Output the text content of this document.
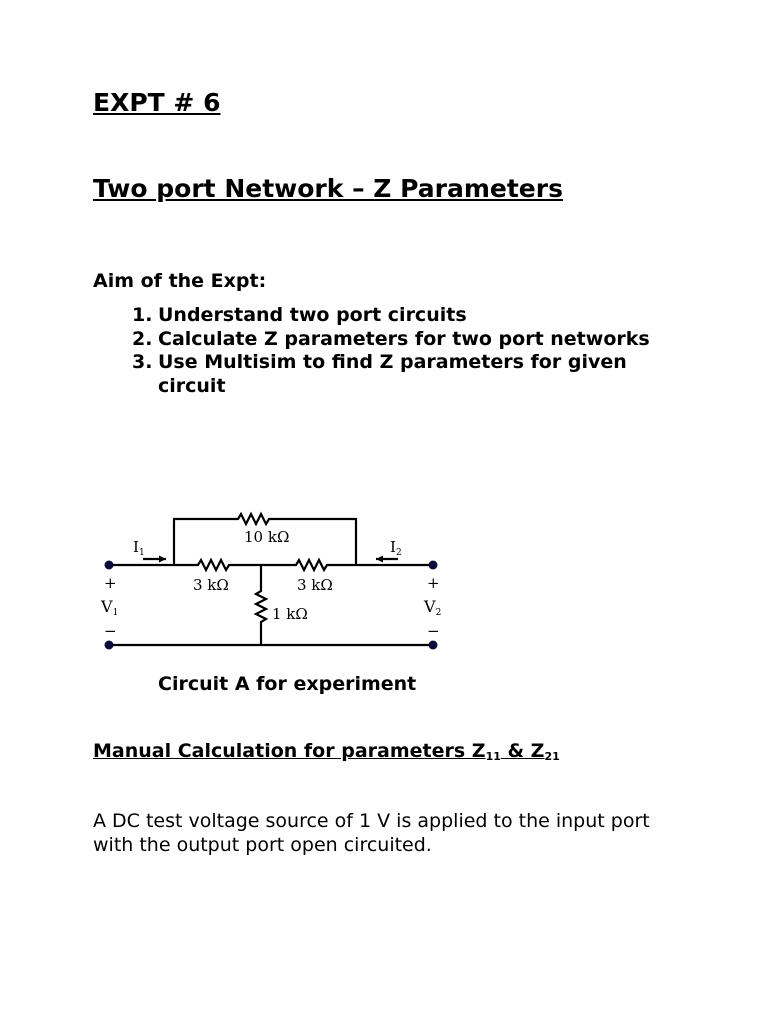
EXPT # 6
Two port Network – Z Parameters
Aim of the Expt:
1. Understand two port circuits
2. Calculate Z parameters for two port networks
3. Use Multisim to find Z parameters for given circuit
10 kΩ
3 kΩ	3 kΩ
1 kΩ
$I_1$	$I_2$
+
V1
−
+
V2
−
Circuit A for experiment
Manual Calculation for parameters $Z_{11}$ & $Z_{21}$

A DC test voltage source of 1 V is applied to the input port with the output port open circuited.
